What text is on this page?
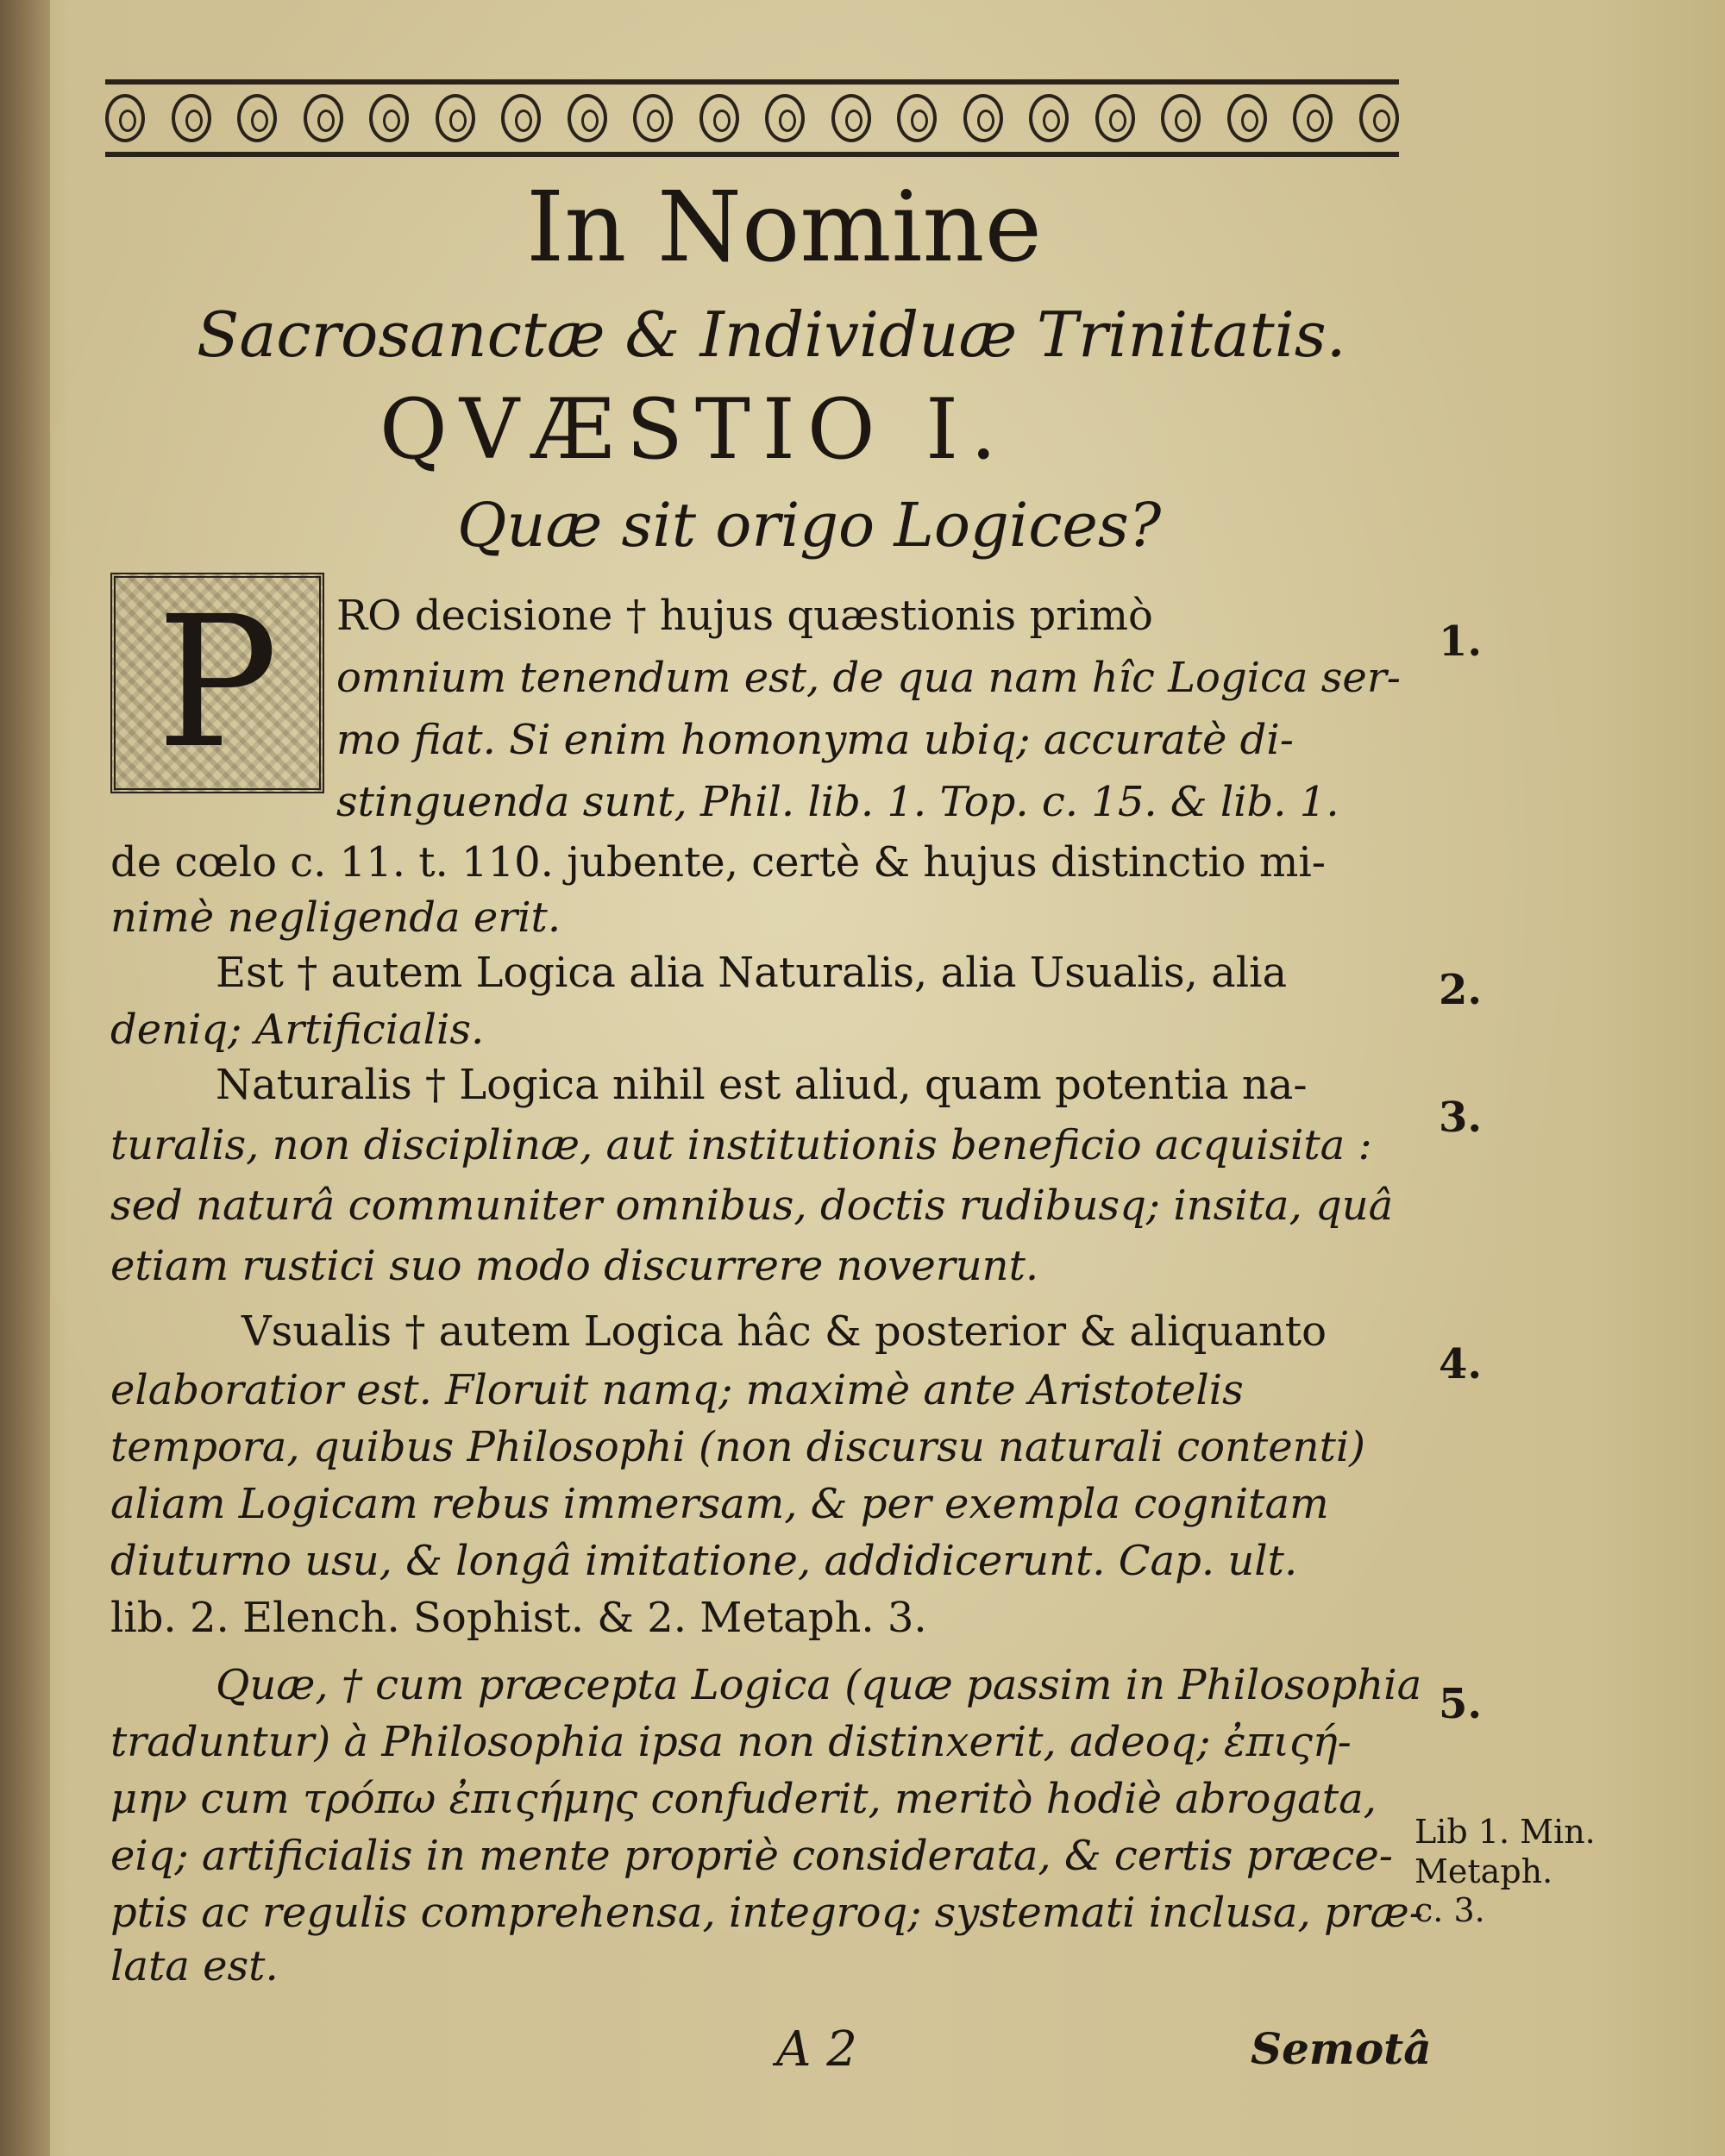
In Nomine
Sacrosanctæ & Individuæ Trinitatis.
QVÆSTIO I.
Quæ sit origo Logices?
P RO decisione † hujus quæstionis primò
omnium tenendum est, de qua nam hîc Logica ser-
mo fiat. Si enim homonyma ubiq; accuratè di-
stinguenda sunt, Phil. lib. 1. Top. c. 15. & lib. 1.
de cœlo c. 11. t. 110. jubente, certè & hujus distinctio mi-
nimè negligenda erit.
Est † autem Logica alia Naturalis, alia Usualis, alia
deniq; Artificialis.
Naturalis † Logica nihil est aliud, quam potentia na-
turalis, non disciplinæ, aut institutionis beneficio acquisita :
sed naturâ communiter omnibus, doctis rudibusq; insita, quâ
etiam rustici suo modo discurrere noverunt.
Vsualis † autem Logica hâc & posterior & aliquanto
elaboratior est. Floruit namq; maximè ante Aristotelis
tempora, quibus Philosophi (non discursu naturali contenti)
aliam Logicam rebus immersam, & per exempla cognitam
diuturno usu, & longâ imitatione, addidicerunt. Cap. ult.
lib. 2. Elench. Sophist. & 2. Metaph. 3.
Quæ, † cum præcepta Logica (quæ passim in Philosophia
traduntur) à Philosophia ipsa non distinxerit, adeoq; ἐπιςή-
μην cum τρόπω ἐπιςήμης confuderit, meritò hodiè abrogata,
eiq; artificialis in mente propriè considerata, & certis præce-
ptis ac regulis comprehensa, integroq; systemati inclusa, præ-
lata est.
1.
2.
3.
4.
5.
Lib 1. Min.
Metaph.
c. 3.
A 2	Semotâ
